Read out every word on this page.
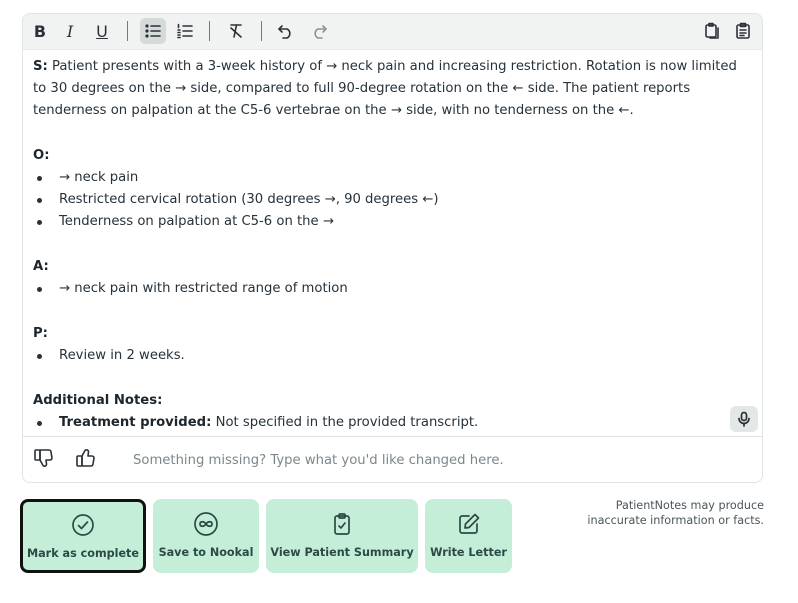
B	I	U

S: Patient presents with a 3-week history of → neck pain and increasing restriction. Rotation is now limited to 30 degrees on the → side, compared to full 90-degree rotation on the ← side. The patient reports tenderness on palpation at the C5-6 vertebrae on the → side, with no tenderness on the ←.

O:

→ neck pain
Restricted cervical rotation (30 degrees →, 90 degrees ←)
Tenderness on palpation at C5-6 on the →

A:

→ neck pain with restricted range of motion

P:

Review in 2 weeks.

Additional Notes:

Treatment provided: Not specified in the provided transcript.
Something missing? Type what you'd like changed here.
Mark as complete Save to Nookal View Patient Summary Write Letter
PatientNotes may produce inaccurate information or facts.
